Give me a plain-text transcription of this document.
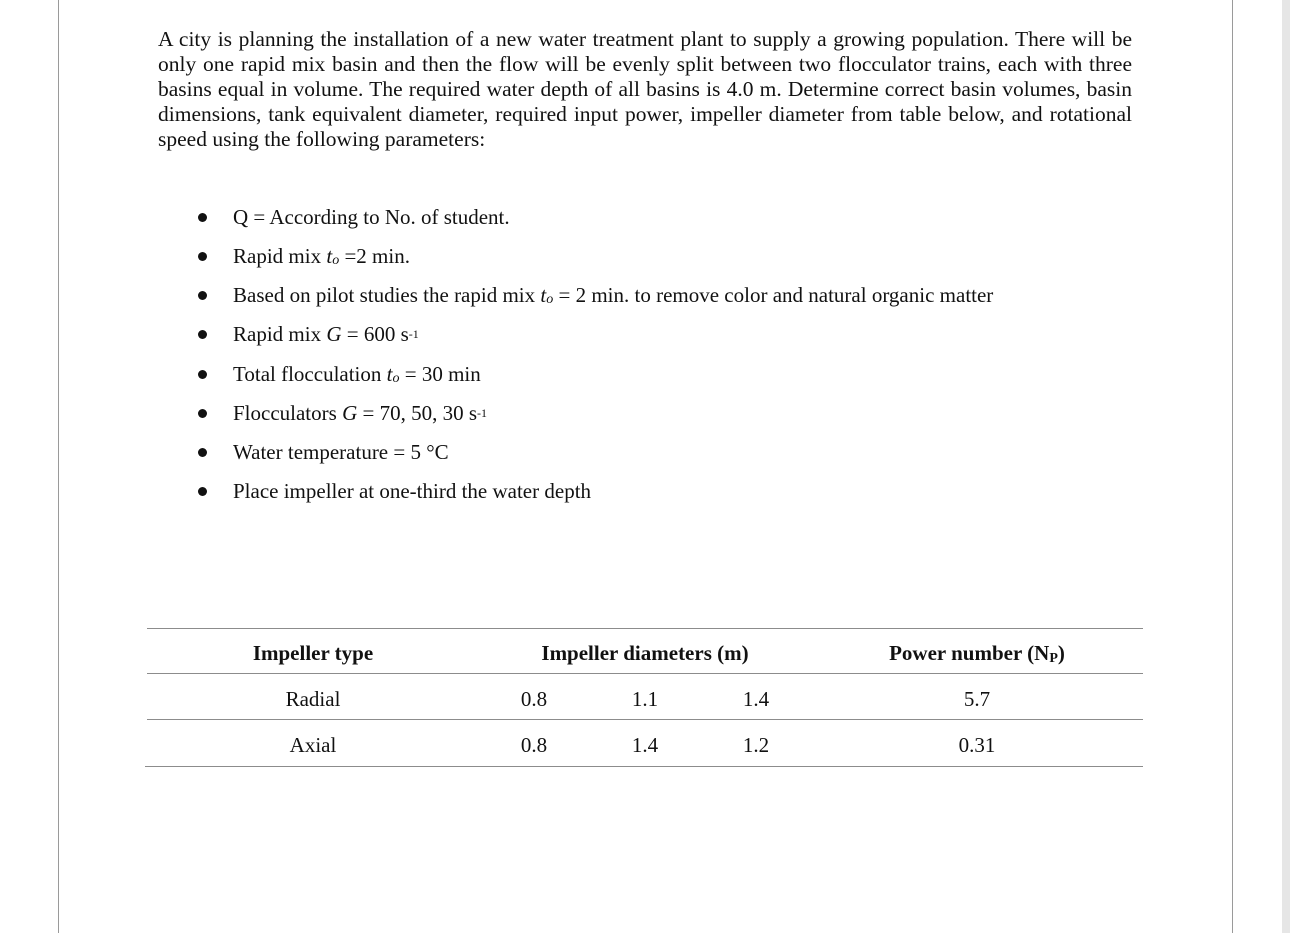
A city is planning the installation of a new water treatment plant to supply a growing population. There will be only one rapid mix basin and then the flow will be evenly split between two flocculator trains, each with three basins equal in volume. The required water depth of all basins is 4.0 m. Determine correct basin volumes, basin dimensions, tank equivalent diameter, required input power, impeller diameter from table below, and rotational speed using the following parameters:

Q = According to No. of student.
Rapid mix to =2 min.
Based on pilot studies the rapid mix to = 2 min. to remove color and natural organic matter
Rapid mix G = 600 $s^{-1}$
Total flocculation to = 30 min
Flocculators G = 70, 50, 30 $s^{-1}$
Water temperature = 5 °C
Place impeller at one-third the water depth
Impeller type	Impeller diameters (m)	Power number (NP)
Radial	0.8	1.1	1.4	5.7
Axial	0.8	1.4	1.2	0.31
